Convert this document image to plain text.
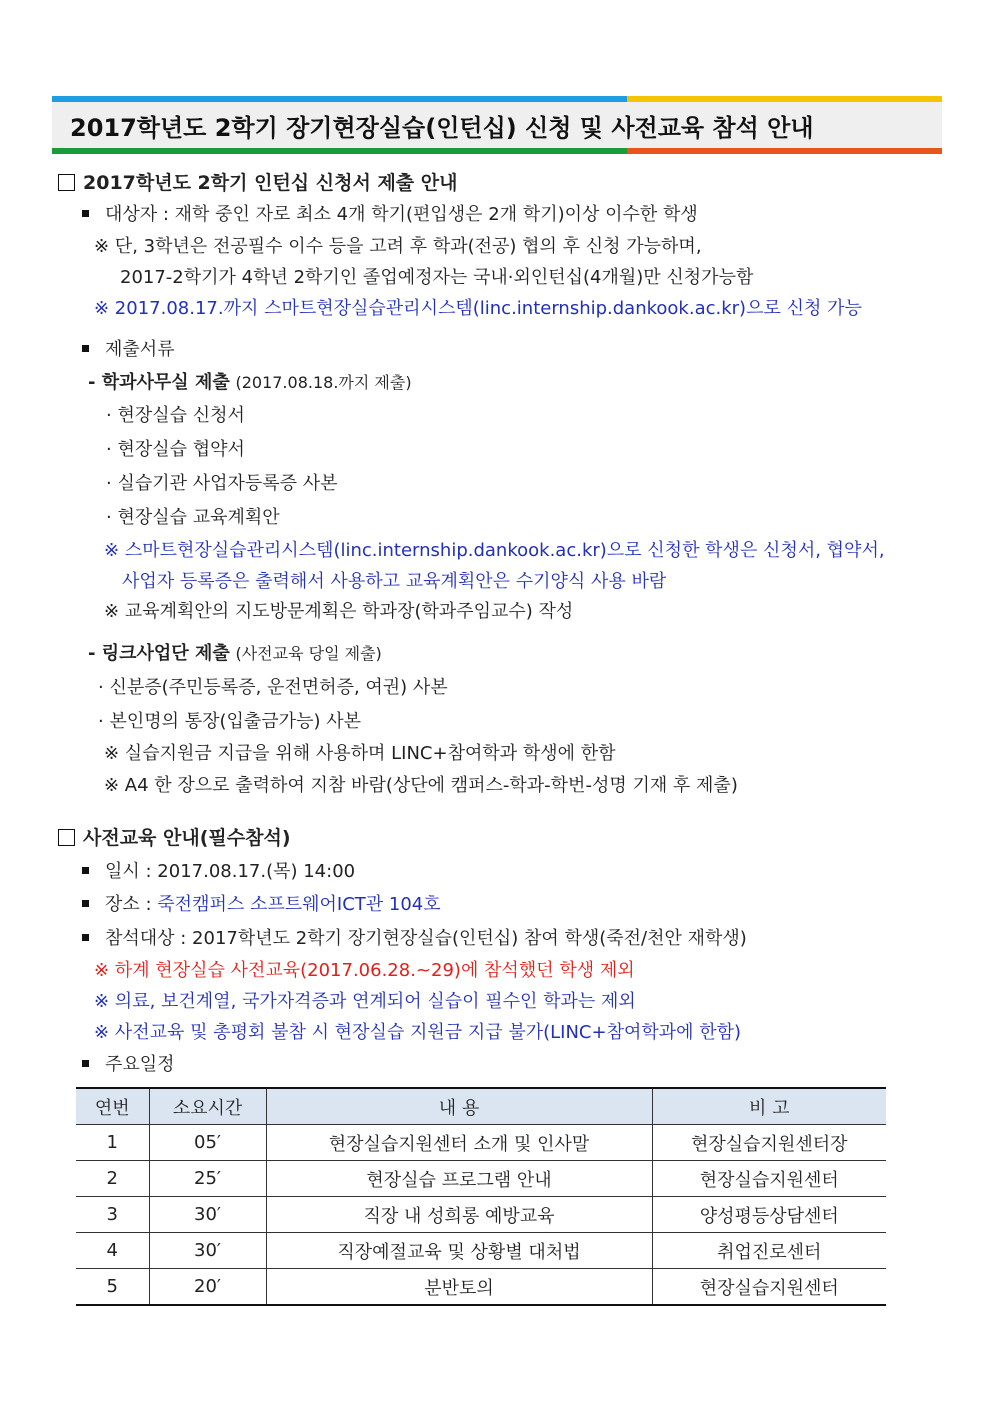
2017학년도 2학기 장기현장실습(인턴십) 신청 및 사전교육 참석 안내
2017학년도 2학기 인턴십 신청서 제출 안내
대상자 : 재학 중인 자로 최소 4개 학기(편입생은 2개 학기)이상 이수한 학생
※ 단, 3학년은 전공필수 이수 등을 고려 후 학과(전공) 협의 후 신청 가능하며,
2017-2학기가 4학년 2학기인 졸업예정자는 국내·외인턴십(4개월)만 신청가능함
※ 2017.08.17.까지 스마트현장실습관리시스템(linc.internship.dankook.ac.kr)으로 신청 가능
제출서류
- 학과사무실 제출 (2017.08.18.까지 제출)
· 현장실습 신청서
· 현장실습 협약서
· 실습기관 사업자등록증 사본
· 현장실습 교육계획안
※ 스마트현장실습관리시스템(linc.internship.dankook.ac.kr)으로 신청한 학생은 신청서, 협약서,
사업자 등록증은 출력해서 사용하고 교육계획안은 수기양식 사용 바람
※ 교육계획안의 지도방문계획은 학과장(학과주임교수) 작성
- 링크사업단 제출 (사전교육 당일 제출)
· 신분증(주민등록증, 운전면허증, 여권) 사본
· 본인명의 통장(입출금가능) 사본
※ 실습지원금 지급을 위해 사용하며 LINC+참여학과 학생에 한함
※ A4 한 장으로 출력하여 지참 바람(상단에 캠퍼스-학과-학번-성명 기재 후 제출)
사전교육 안내(필수참석)
일시 : 2017.08.17.(목) 14:00
장소 : 죽전캠퍼스 소프트웨어ICT관 104호
참석대상 : 2017학년도 2학기 장기현장실습(인턴십) 참여 학생(죽전/천안 재학생)
※ 하계 현장실습 사전교육(2017.06.28.~29)에 참석했던 학생 제외
※ 의료, 보건계열, 국가자격증과 연계되어 실습이 필수인 학과는 제외
※ 사전교육 및 총평회 불참 시 현장실습 지원금 지급 불가(LINC+참여학과에 한함)
주요일정
연번	소요시간	내 용	비 고
1	05′	현장실습지원센터 소개 및 인사말	현장실습지원센터장
2	25′	현장실습 프로그램 안내	현장실습지원센터
3	30′	직장 내 성희롱 예방교육	양성평등상담센터
4	30′	직장예절교육 및 상황별 대처법	취업진로센터
5	20′	분반토의	현장실습지원센터
